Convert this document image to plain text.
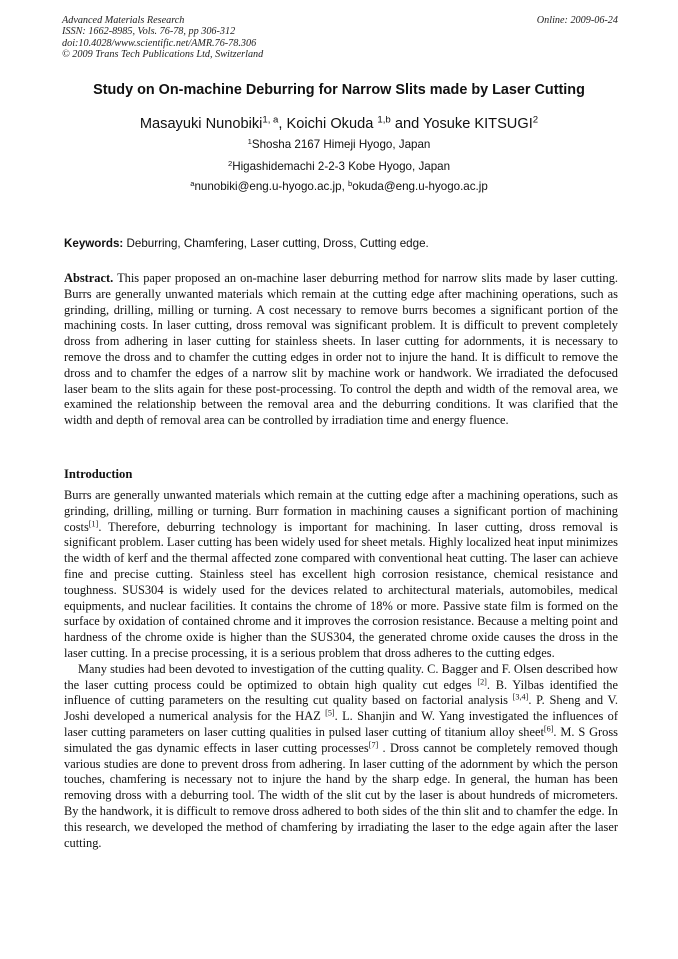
Advanced Materials Research
ISSN: 1662-8985, Vols. 76-78, pp 306-312
doi:10.4028/www.scientific.net/AMR.76-78.306
© 2009 Trans Tech Publications Ltd, Switzerland
Online: 2009-06-24
Study on On-machine Deburring for Narrow Slits made by Laser Cutting
Masayuki Nunobiki$^{1, a}$, Koichi Okuda $^{1,b}$ and Yosuke KITSUGI$^2$
$^1$Shosha 2167 Himeji Hyogo, Japan
$^2$Higashidemachi 2-2-3 Kobe Hyogo, Japan
$^a$nunobiki@eng.u-hyogo.ac.jp, $^b$okuda@eng.u-hyogo.ac.jp
Keywords: Deburring, Chamfering, Laser cutting, Dross, Cutting edge.
Abstract. This paper proposed an on-machine laser deburring method for narrow slits made by laser cutting. Burrs are generally unwanted materials which remain at the cutting edge after machining operations, such as grinding, drilling, milling or turning. A cost necessary to remove burrs becomes a significant portion of the machining costs. In laser cutting, dross removal was significant problem. It is difficult to prevent completely dross from adhering in laser cutting for stainless sheets. In laser cutting for adornments, it is necessary to remove the dross and to chamfer the cutting edges in order not to injure the hand. It is difficult to remove the dross and to chamfer the edges of a narrow slit by machine work or handwork. We irradiated the defocused laser beam to the slits again for these post-processing. To control the depth and width of the removal area, we examined the relationship between the removal area and the deburring conditions. It was clarified that the width and depth of removal area can be controlled by irradiation time and energy fluence.
Introduction
Burrs are generally unwanted materials which remain at the cutting edge after a machining operations, such as grinding, drilling, milling or turning. Burr formation in machining causes a significant portion of machining costs[1]. Therefore, deburring technology is important for machining. In laser cutting, dross removal is significant problem. Laser cutting has been widely used for sheet metals. Highly localized heat input minimizes the width of kerf and the thermal affected zone compared with conventional heat cutting. The laser can achieve fine and precise cutting. Stainless steel has excellent high corrosion resistance, chemical resistance and toughness. SUS304 is widely used for the devices related to architectural materials, automobiles, medical equipments, and nuclear facilities. It contains the chrome of 18% or more. Passive state film is formed on the surface by oxidation of contained chrome and it improves the corrosion resistance. Because a melting point and hardness of the chrome oxide is higher than the SUS304, the generated chrome oxide causes the dross in the laser cutting. In a precise processing, it is a serious problem that dross adheres to the cutting edges.
Many studies had been devoted to investigation of the cutting quality. C. Bagger and F. Olsen described how the laser cutting process could be optimized to obtain high quality cut edges [2]. B. Yilbas identified the influence of cutting parameters on the resulting cut quality based on factorial analysis [3,4]. P. Sheng and V. Joshi developed a numerical analysis for the HAZ [5]. L. Shanjin and W. Yang investigated the influences of laser cutting parameters on laser cutting qualities in pulsed laser cutting of titanium alloy sheet[6]. M. S Gross simulated the gas dynamic effects in laser cutting processes[7] . Dross cannot be completely removed though various studies are done to prevent dross from adhering. In laser cutting of the adornment by which the person touches, chamfering is necessary not to injure the hand by the sharp edge. In general, the human has been removing dross with a deburring tool. The width of the slit cut by the laser is about hundreds of micrometers. By the handwork, it is difficult to remove dross adhered to both sides of the thin slit and to chamfer the edge. In this research, we developed the method of chamfering by irradiating the laser to the edge again after the laser cutting.
